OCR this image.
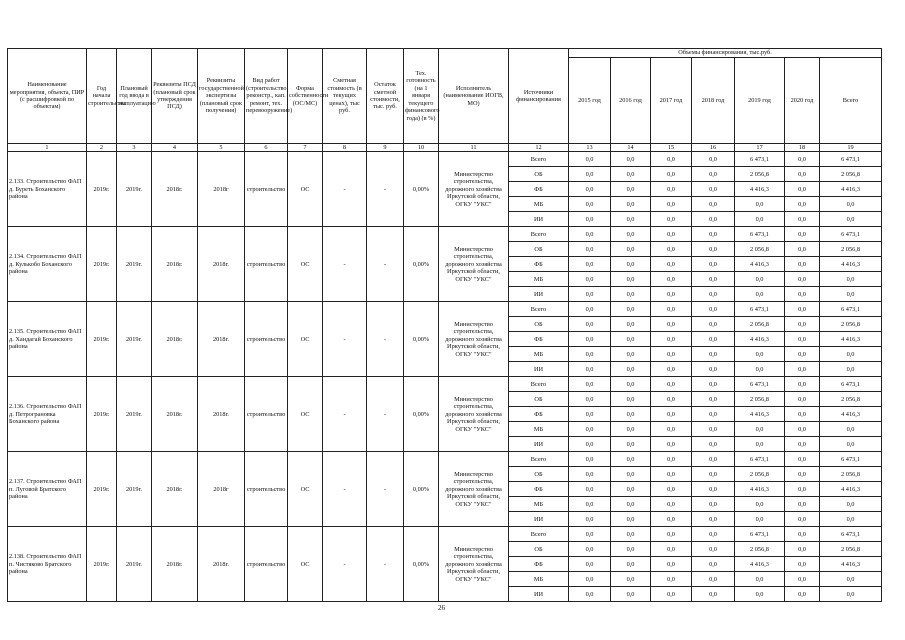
Наименование мероприятия, объекта, ПИР (с расшифровкой по объектам)	Год начала строительства	Плановый год ввода в эксплуатацию	Реквизиты ПСД (плановый срок утверждения ПСД)	Реквизиты государственной экспертизы (плановый срок получения)	Вид работ (строительство, реконстр., кап. ремонт, тех. перевооружение)	Форма собственности (ОС/МС)	Сметная стоимость (в текущих ценах), тыс руб.	Остаток сметной стоимости, тыс. руб.	Тех. готовность (на 1 января текущего финансового года) (в %)	Исполнитель (наименование ИОГВ, МО)	Источники финансирования	Объемы финансирования, тыс.руб.						
												2015 год	2016 год	2017 год	2018 год	2019 год	2020 год	Всего
1	2	3	4	5	6	7	8	9	10	11	12	13	14	15	16	17	18	19
2.133. Строительство ФАП д. Буреть Боханского района	2019г.	2019г.	2018г.	2018г	строительство	ОС	-	-	0,00%	Министерство строительства, дорожного хозяйства Иркутской области, ОГКУ "УКС"	Всего	0,0	0,0	0,0	0,0	6 473,1	0,0	6 473,1
											ОБ	0,0	0,0	0,0	0,0	2 056,8	0,0	2 056,8
											ФБ	0,0	0,0	0,0	0,0	4 416,3	0,0	4 416,3
											МБ	0,0	0,0	0,0	0,0	0,0	0,0	0,0
											ИИ	0,0	0,0	0,0	0,0	0,0	0,0	0,0
2.134. Строительство ФАП д. Кулькобо Боханского района	2019г.	2019г.	2018г.	2018г.	строительство	ОС	-	-	0,00%	Министерство строительства, дорожного хозяйства Иркутской области, ОГКУ "УКС"	Всего	0,0	0,0	0,0	0,0	6 473,1	0,0	6 473,1
											ОБ	0,0	0,0	0,0	0,0	2 056,8	0,0	2 056,8
											ФБ	0,0	0,0	0,0	0,0	4 416,3	0,0	4 416,3
											МБ	0,0	0,0	0,0	0,0	0,0	0,0	0,0
											ИИ	0,0	0,0	0,0	0,0	0,0	0,0	0,0
2.135. Строительство ФАП д. Хандагай Боханского района	2019г.	2019г.	2018г.	2018г.	строительство	ОС	-	-	0,00%	Министерство строительства, дорожного хозяйства Иркутской области, ОГКУ "УКС"	Всего	0,0	0,0	0,0	0,0	6 473,1	0,0	6 473,1
											ОБ	0,0	0,0	0,0	0,0	2 056,8	0,0	2 056,8
											ФБ	0,0	0,0	0,0	0,0	4 416,3	0,0	4 416,3
											МБ	0,0	0,0	0,0	0,0	0,0	0,0	0,0
											ИИ	0,0	0,0	0,0	0,0	0,0	0,0	0,0
2.136. Строительство ФАП д. Петрограновка Боханского района	2019г.	2019г.	2018г.	2018г.	строительство	ОС	-	-	0,00%	Министерство строительства, дорожного хозяйства Иркутской области, ОГКУ "УКС"	Всего	0,0	0,0	0,0	0,0	6 473,1	0,0	6 473,1
											ОБ	0,0	0,0	0,0	0,0	2 056,8	0,0	2 056,8
											ФБ	0,0	0,0	0,0	0,0	4 416,3	0,0	4 416,3
											МБ	0,0	0,0	0,0	0,0	0,0	0,0	0,0
											ИИ	0,0	0,0	0,0	0,0	0,0	0,0	0,0
2.137. Строительство ФАП п. Луговой Братского района	2019г.	2019г.	2018г.	2018г	строительство	ОС	-	-	0,00%	Министерство строительства, дорожного хозяйства Иркутской области, ОГКУ "УКС"	Всего	0,0	0,0	0,0	0,0	6 473,1	0,0	6 473,1
											ОБ	0,0	0,0	0,0	0,0	2 056,8	0,0	2 056,8
											ФБ	0,0	0,0	0,0	0,0	4 416,3	0,0	4 416,3
											МБ	0,0	0,0	0,0	0,0	0,0	0,0	0,0
											ИИ	0,0	0,0	0,0	0,0	0,0	0,0	0,0
2.138. Строительство ФАП п. Чистяково Братского района	2019г.	2019г.	2018г.	2018г.	строительство	ОС	-	-	0,00%	Министерство строительства, дорожного хозяйства Иркутской области, ОГКУ "УКС"	Всего	0,0	0,0	0,0	0,0	6 473,1	0,0	6 473,1
											ОБ	0,0	0,0	0,0	0,0	2 056,8	0,0	2 056,8
											ФБ	0,0	0,0	0,0	0,0	4 416,3	0,0	4 416,3
											МБ	0,0	0,0	0,0	0,0	0,0	0,0	0,0
											ИИ	0,0	0,0	0,0	0,0	0,0	0,0	0,0
26
